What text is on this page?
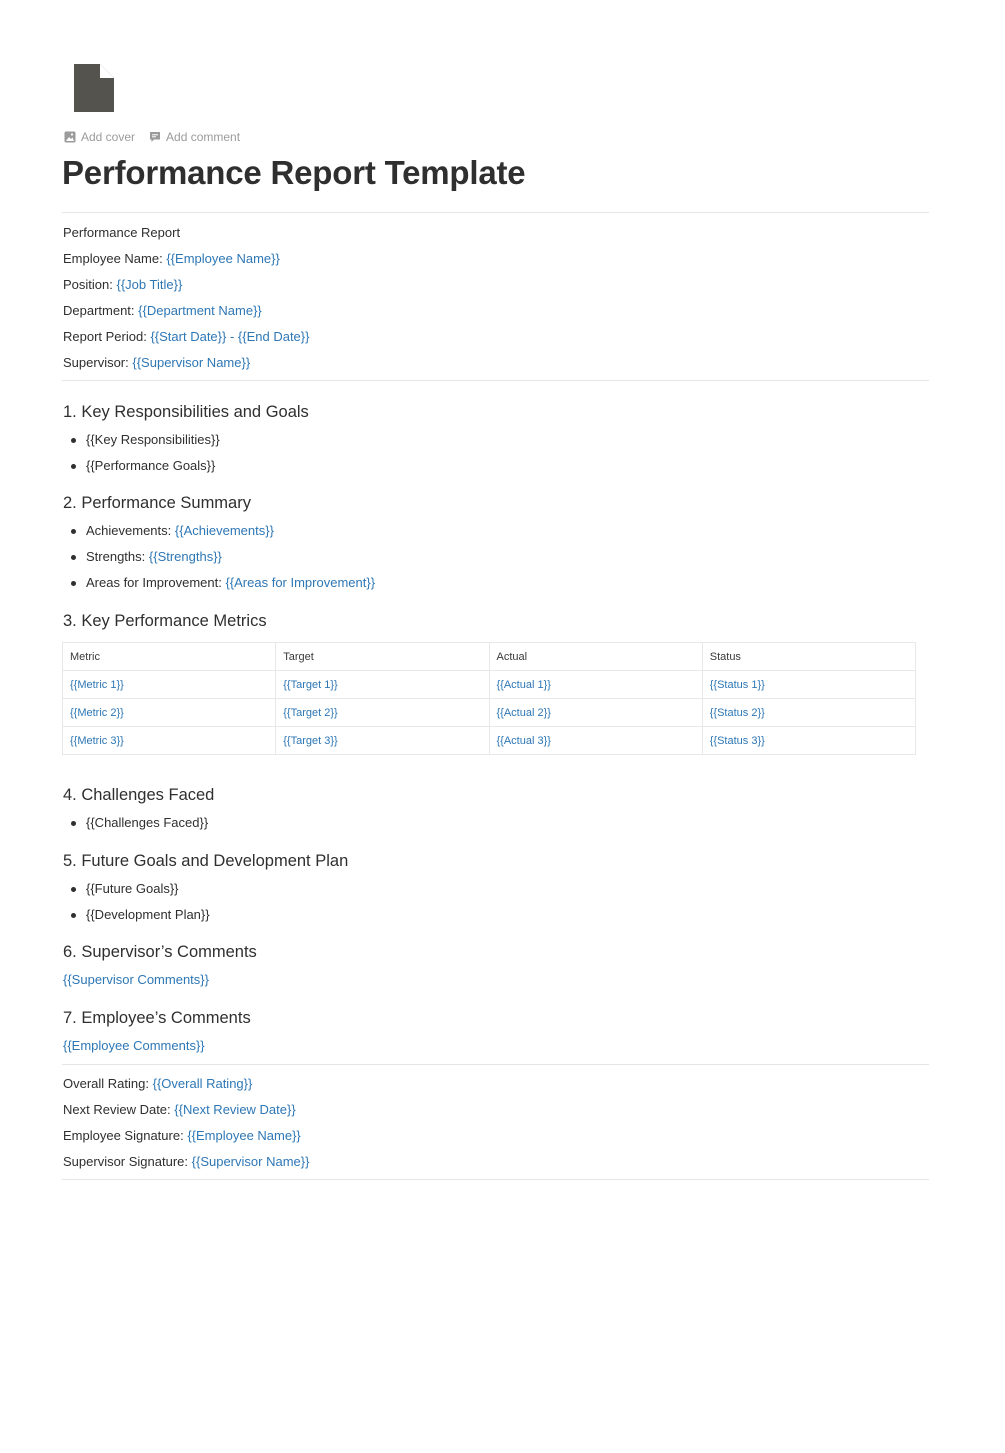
Add cover	Add comment
Performance Report Template
Performance Report
Employee Name: {{Employee Name}}
Position: {{Job Title}}
Department: {{Department Name}}
Report Period: {{Start Date}} - {{End Date}}
Supervisor: {{Supervisor Name}}
1. Key Responsibilities and Goals
{{Key Responsibilities}}
{{Performance Goals}}
2. Performance Summary
Achievements: {{Achievements}}
Strengths: {{Strengths}}
Areas for Improvement: {{Areas for Improvement}}
3. Key Performance Metrics
Metric	Target	Actual	Status
{{Metric 1}}	{{Target 1}}	{{Actual 1}}	{{Status 1}}
{{Metric 2}}	{{Target 2}}	{{Actual 2}}	{{Status 2}}
{{Metric 3}}	{{Target 3}}	{{Actual 3}}	{{Status 3}}
4. Challenges Faced
{{Challenges Faced}}
5. Future Goals and Development Plan
{{Future Goals}}
{{Development Plan}}
6. Supervisor’s Comments
{{Supervisor Comments}}
7. Employee’s Comments
{{Employee Comments}}
Overall Rating: {{Overall Rating}}
Next Review Date: {{Next Review Date}}
Employee Signature: {{Employee Name}}
Supervisor Signature: {{Supervisor Name}}
